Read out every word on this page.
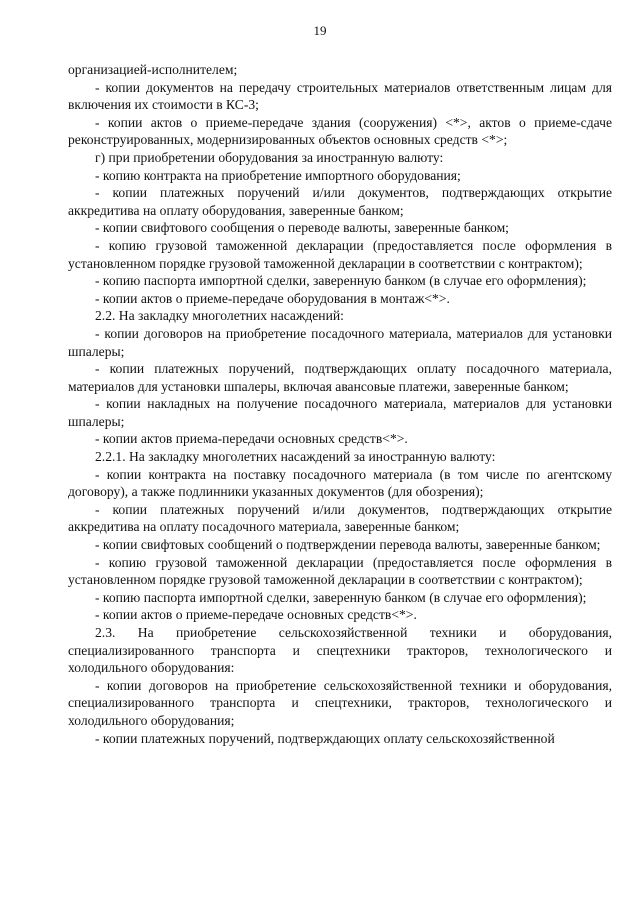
19

организацией-исполнителем;

- копии документов на передачу строительных материалов ответственным лицам для включения их стоимости в КС-3;

- копии актов о приеме-передаче здания (сооружения) <*>, актов о приеме-сдаче реконструированных, модернизированных объектов основных средств <*>;

г) при приобретении оборудования за иностранную валюту:

- копию контракта на приобретение импортного оборудования;

- копии платежных поручений и/или документов, подтверждающих открытие аккредитива на оплату оборудования, заверенные банком;

- копии свифтового сообщения о переводе валюты, заверенные банком;

- копию грузовой таможенной декларации (предоставляется после оформления в установленном порядке грузовой таможенной декларации в соответствии с контрактом);

- копию паспорта импортной сделки, заверенную банком (в случае его оформления);

- копии актов о приеме-передаче оборудования в монтаж<*>.

2.2. На закладку многолетних насаждений:

- копии договоров на приобретение посадочного материала, материалов для установки шпалеры;

- копии платежных поручений, подтверждающих оплату посадочного материала, материалов для установки шпалеры, включая авансовые платежи, заверенные банком;

- копии накладных на получение посадочного материала, материалов для установки шпалеры;

- копии актов приема-передачи основных средств<*>.

2.2.1. На закладку многолетних насаждений за иностранную валюту:

- копии контракта на поставку посадочного материала (в том числе по агентскому договору), а также подлинники указанных документов (для обозрения);

- копии платежных поручений и/или документов, подтверждающих открытие аккредитива на оплату посадочного материала, заверенные банком;

- копии свифтовых сообщений о подтверждении перевода валюты, заверенные банком;

- копию грузовой таможенной декларации (предоставляется после оформления в установленном порядке грузовой таможенной декларации в соответствии с контрактом);

- копию паспорта импортной сделки, заверенную банком (в случае его оформления);

- копии актов о приеме-передаче основных средств<*>.

2.3. На приобретение сельскохозяйственной техники и оборудования, специализированного транспорта и спецтехники тракторов, технологического и холодильного оборудования:

- копии договоров на приобретение сельскохозяйственной техники и оборудования, специализированного транспорта и спецтехники, тракторов, технологического и холодильного оборудования;

- копии платежных поручений, подтверждающих оплату сельскохозяйственной
